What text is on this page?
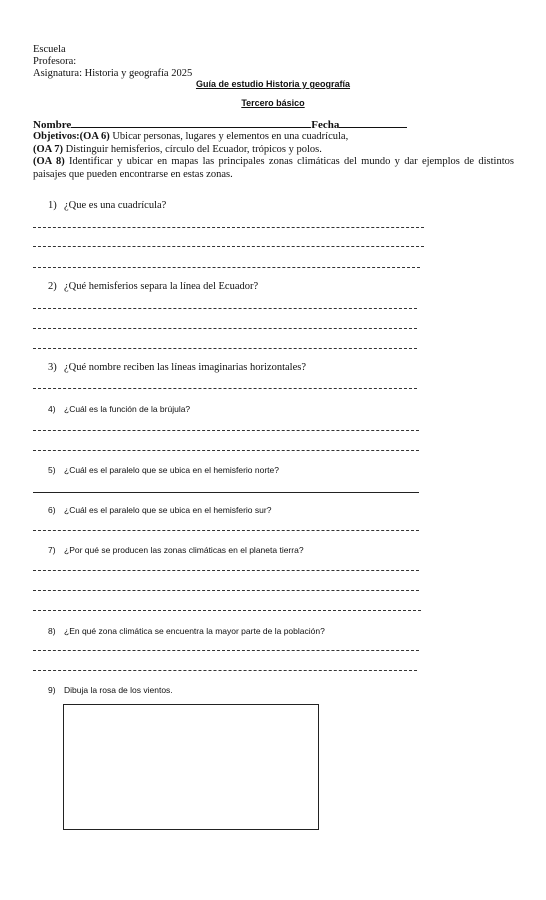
Escuela
Profesora:
Asignatura: Historia y geografía 2025
Guía de estudio Historia y geografía
Tercero básico
Nombre	Fecha
Objetivos:(OA 6) Ubicar personas, lugares y elementos en una cuadrícula,
(OA 7) Distinguir hemisferios, círculo del Ecuador, trópicos y polos.
(OA 8) Identificar y ubicar en mapas las principales zonas climáticas del mundo y dar ejemplos de distintos paisajes que pueden encontrarse en estas zonas.
1) ¿Que es una cuadrícula?
2) ¿Qué hemisferios separa la línea del Ecuador?
3) ¿Qué nombre reciben las líneas imaginarias horizontales?
4) ¿Cuál es la función de la brújula?
5) ¿Cuál es el paralelo que se ubica en el hemisferio norte?
6) ¿Cuál es el paralelo que se ubica en el hemisferio sur?
7) ¿Por qué se producen las zonas climáticas en el planeta tierra?
8) ¿En qué zona climática se encuentra la mayor parte de la población?
9) Dibuja la rosa de los vientos.
